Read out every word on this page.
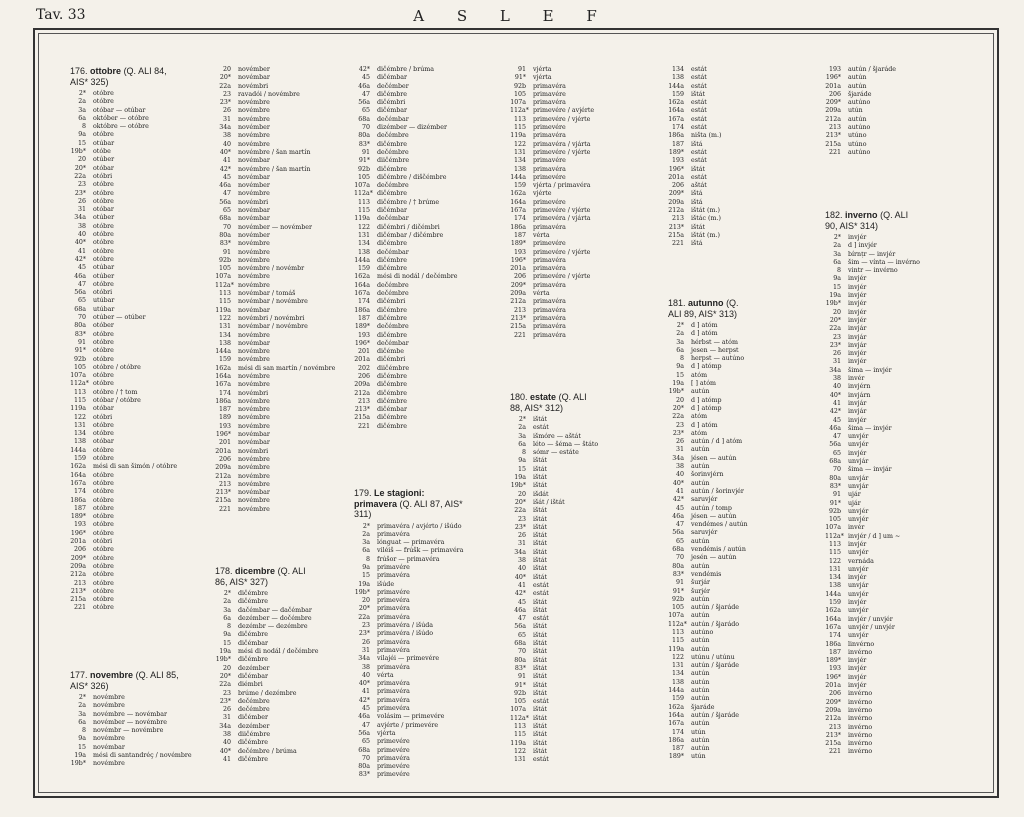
Tav. 33	A S L E F
176. ottobre (Q. ALI 84, AIS* 325)
2* otóbre
2a otóbre
3a otóbar — otúbar
6a október — otóbre
8 októbre — otóbre
9a otóbre
15 otúbar
19b* otóbe
20 otúber
20* otóbar
22a otóbri
23 otóbre
23* otóbre
26 otóbre
31 otóbar
34a otúber
38 otóbre
40 otóbre
40* otóbre
41 otóbre
42* otóbre
45 otúbar
46a otúber
47 otóbre
56a otóbri
65 utúbar
68a utúbar
70 otúber — otúber
80a otóber
83* otóbre
91 otóbre
91* otóbre
92b otóbre
105 otóbre / otóbre
107a otóbre
112a* otóbre
113 otóbre / † tom
115 otóbar / otóbre
119a otóbar
122 otóbri
131 otóbre
134 otóbre
138 otóbar
144a otóbre
159 otóbre
162a mési di san šimón / otóbre
164a otóbre
167a otóbre
174 otóbre
186a otóbre
187 otóbre
189* otóbre
193 otóbre
196* otóbre
201a otóbri
206 otóbre
209* otóbre
209a otóbre
212a otóbre
213 otóbre
213* otóbre
215a otóbre
221 otóbre
177. novembre (Q. ALI 85, AIS* 326)
2* novémbre
2a novémbre
3a novémbre — novémbar
6a novémber — novémbre
8 novémbr — novémbre
9a novémbre
15 novémbar
19a mési di santandréç / novémbre
19b* novémbre
20 novémber
20* novémbar
22a novémbri
23 ravadói / novémbre
23* novémbre
26 novémbre
31 novémbre
34a novémber
38 novémbre
40 novémbre
40* novémbre / šan martín
41 novémbar
42* novémbre / šan martín
45 novémbar
46a novémber
47 novémbre
56a novémbri
65 novémbar
68a novémbar
70 novémber — novémber
80a novémber
83* novémbre
91 novémbre
92b novémbre
105 novémbre / novémbr
107a novémbre
112a* novémbre
113 novémbar / tomáš
115 novémbar / novémbre
119a novémbar
122 novémbri / novémbri
131 novémbar / novémbre
134 novémbre
138 novémbar
144a novémbre
159 novémbre
162a mési di san martín / novémbre
164a novémbre
167a novémbre
174 novémbri
186a novémbre
187 novémbre
189 novémbre
193 novémbre
196* novémbar
201 novémbar
201a novémbri
206 novémbre
209a novémbre
212a novémbre
213 novémbre
213* novémbar
215a novémbre
221 novémbre
178. dicembre (Q. ALI 86, AIS* 327)
2* dičémbre
2a dičémbre
3a dačémbar — dačémbar
6a dezémber — dočémbre
8 dezémbr — dezémbre
9a dičémbre
15 dičémbar
19a mési di nodál / dečémbre
19b* dičémbre
20 dezémber
20* dičémbar
22a diémbri
23 brúme / dezémbre
23* dečémbre
26 dečémbre
31 dičémber
34a dezémber
38 diičémbre
40 dičémbre
40* dečémbre / brúma
41 dičémbre
42* dičémbre / brúma
45 dičémbar
46a dečémber
47 dičémbre
56a dičémbri
65 dičémbar
68a dečémbar
70 dizémber — dizémber
80a dečémbre
83* dičémbre
91 dečémbre
91* diičémbre
92b dičémbre
105 dičémbre / diščémbre
107a dečémbre
112a* dičémbre
113 dičémbre / † brúme
115 dičémbar
119a dečémbar
122 dičémbri / dičémbri
131 dičémbar / dičémbre
134 dičémbre
138 dečémbar
144a dičémbre
159 dičémbre
162a mési di nodál / dečémbre
164a dečémbre
167a dečémbre
174 dičémbri
186a dičémbre
187 dičémbre
189* dečémbre
193 dičémbre
196* dečémbar
201 dičémbe
201a dičémbri
202 diičémbre
206 dičémbre
209a dičémbre
212a dičémbre
213 dičémbre
213* dičémbar
215a dičémbre
221 dičémbre
179. Le stagioni: primavera (Q. ALI 87, AIS* 311)
2* primavéra / avjérto / išúdo
2a primavéra
3a lónguat — primavéra
6a viléiš — frúšk — primavéra
8 frúšor — primavéra
9a primavére
15 primavéra
19a išúde
19b* primavére
20 primevéra
20* primavéra
22a primavéra
23 primavéra / išúda
23* primavéra / išúdo
26 primavéra
31 primavéra
34a vilajéi — primevére
38 primavéra
40 vérta
40* primavéra
41 primavéra
42* primavéra
45 primevéra
46a volásim — primevére
47 avjérte / primevére
56a vjérta
65 primevére
68a primevére
70 primavéra
80a primevére
83* primevére
91 vjérta
91* vjérta
92b primavéra
105 primavére
107a primavéra
112a* primevére / avjérte
113 primevére / vjérte
115 primevére
119a primavéra
122 primavéra / vjárta
131 primevére / vjérte
134 primavére
138 primavéra
144a primevére
159 vjérta / primavéra
162a vjérte
164a primevére
167a primevére / vjérte
174 primevéra / vjárta
186a primavéra
187 vérta
189* primevére
193 primevére / vjérte
196* primavéra
201a primavéra
206 primevére / vjérte
209* primavéra
209a vérta
212a primavéra
213 primavéra
213* primavéra
215a primavéra
221 primavéra
180. estate (Q. ALI 88, AIS* 312)
2* ištát
2a estát
3a išmóre — aštát
6a léto — šéma — štáto
8 sómr — estáte
9a ištát
15 ištát
19a ištát
19b* ištát
20 išdát
20* išát / ištát
22a ištát
23 ištát
23* ištát
26 ištát
31 ištát
34a ištát
38 ištát
40 ištát
40* ištát
41 estát
42* estát
45 ištát
46a ištát
47 estát
56a ištát
65 ištát
68a ištát
70 ištát
80a ištát
83* ištát
91 ištát
91* ištát
92b ištát
105 estát
107a ištát
112a* ištát
113 ištát
115 ištát
119a ištát
122 ištát
131 estát
134 estát
138 estát
144a estát
159 ištát
162a estát
164a estát
167a estát
174 estát
186a ništa (m.)
187 ištá
189* estát
193 estát
196* ištát
201a estát
206 aštát
209* ištá
209a ištá
212a ištát (m.)
213 ištác (m.)
213* ištát
215a ištát (m.)
221 ištá
181. autunno (Q. ALI 89, AIS* 313)
2* d ] atóm
2a d ] atóm
3a hérbst — atóm
6a jesen — herpst
8 herpst — autúno
9a d ] atómp
15 atóm
19a [ ] atóm
19b* autún
20 d ] atómp
20* d ] atómp
22a atóm
23 d ] atóm
23* atóm
26 autún / d ] atóm
31 autún
34a jésen — autún
38 autún
40 šorinvjérn
40* autún
41 autún / šorinvjér
42* saruvjér
45 autún / tomp
46a jésen — autún
47 vendémes / autún
56a saruvjér
65 autún
68a vendémis / autún
70 jesén — autún
80a autún
83* vendémis
91 šurjár
91* šurjér
92b autún
105 autún / šjaráde
107a autún
112a* autún / šjarádo
113 autúno
115 autún
119a autún
122 utúnu / utúnu
131 autún / šjaráde
134 autún
138 autún
144a autún
159 autún
162a šjaráde
164a autún / šjaráde
167a autún
174 utún
186a autún
187 autún
189* utún
193 autún / šjaráde
196* autún
201a autún
206 šjaráde
209* autúno
209a utún
212a autún
213 autúno
213* utúno
215a utúno
221 autúno
182. inverno (Q. ALI 90, AIS* 314)
2* invjér
2a d ] invjér
3a bírnṭr — invjér
6a šim — vínta — invérno
8 vintr — invérno
9a invjér
15 invjér
19a invjér
19b* invjér
20 invjér
20* invjér
22a invjár
23 invjár
23* invjár
26 invjér
31 invjér
34a šima — invjér
38 invér
40 invjérn
40* invjárn
41 invjár
42* invjár
45 invjér
46a šima — invjér
47 unvjér
56a unvjér
65 invjér
68a unvjár
70 šima — invjár
80a unvjár
83* unvjár
91 ujár
91* ujár
92b unvjér
105 unvjér
107a invér
112a* invjér / d ] um ~
113 invjér
115 unvjér
122 vernáda
131 unvjér
134 invjér
138 unvjár
144a unvjér
159 invjér
162a unvjér
164a invjér / unvjér
167a unvjér / unvjér
174 unvjér
186a linvérno
187 invérno
189* invjér
193 invjér
196* invjér
201a invjér
206 invérno
209* invérno
209a invérno
212a invérno
213 invérno
213* invérno
215a invérno
221 invérno
